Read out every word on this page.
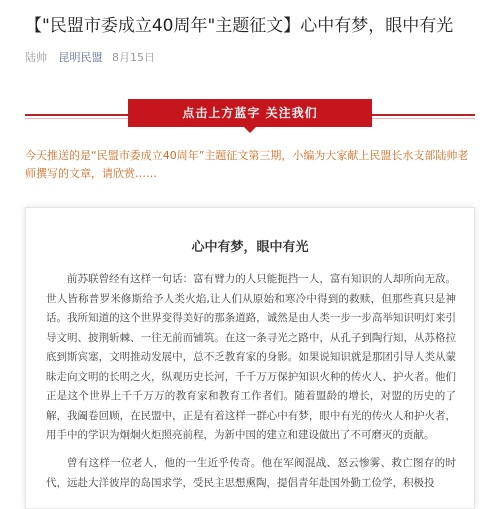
【"民盟市委成立40周年"主题征文】心中有梦，眼中有光
陆帅 昆明民盟 8月15日
点击上方蓝字 关注我们
今天推送的是“民盟市委成立40周年”主题征文第三期，小编为大家献上民盟长水支部陆帅老师撰写的文章，请欣赏……
心中有梦，眼中有光

前苏联曾经有这样一句话：富有臂力的人只能扼挡一人，富有知识的人却所向无敌。世人皆称普罗米修斯给予人类火焰,让人们从原始和寒冷中得到的救赎，但那些真只是神话。我所知道的这个世界变得美好的那条道路，诚然是由人类一步一步高举知识明灯来引导文明、披荆斩棘、一往无前而铺筑。在这一条寻光之路中，从孔子到陶行知，从苏格拉底到斯宾塞，文明推动发展中，总不乏教育家的身影。如果说知识就是那团引导人类从蒙昧走向文明的长明之火，纵观历史长河，千千万万保护知识火种的传火人、护火者。他们正是这个世界上千千万万的教育家和教育工作者们。随着盟龄的增长，对盟的历史的了解，我阖卷回顾，在民盟中，正是有着这样一群心中有梦，眼中有光的传火人和护火者，用手中的学识为炯炯火炬照亮前程，为新中国的建立和建设做出了不可磨灭的贡献。

曾有这样一位老人，他的一生近乎传奇。他在军阀混战、怒云惨雾、救亡图存的时代，远赴大洋彼岸的岛国求学，受民主思想熏陶，提倡青年赴国外勤工俭学，积极投
